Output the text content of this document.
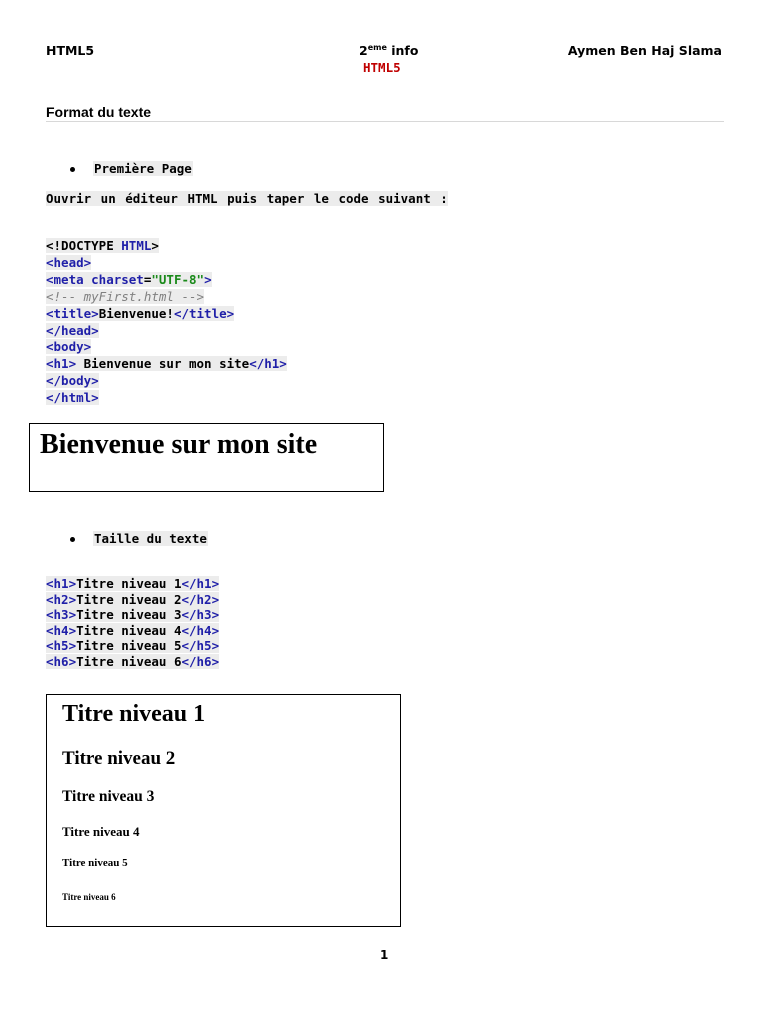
HTML5	2eme info
HTML5
Aymen Ben Haj Slama
Format du texte
Première Page
Ouvrir un éditeur HTML puis taper le code suivant :
<!DOCTYPE HTML>
<head>
<meta charset="UTF-8">
<!-- myFirst.html -->
<title>Bienvenue!</title>
</head>
<body>
<h1> Bienvenue sur mon site</h1>
</body>
</html>
Bienvenue sur mon site
Taille du texte
<h1>Titre niveau 1</h1>
<h2>Titre niveau 2</h2>
<h3>Titre niveau 3</h3>
<h4>Titre niveau 4</h4>
<h5>Titre niveau 5</h5>
<h6>Titre niveau 6</h6>
Titre niveau 1
Titre niveau 2
Titre niveau 3
Titre niveau 4
Titre niveau 5
Titre niveau 6
1
